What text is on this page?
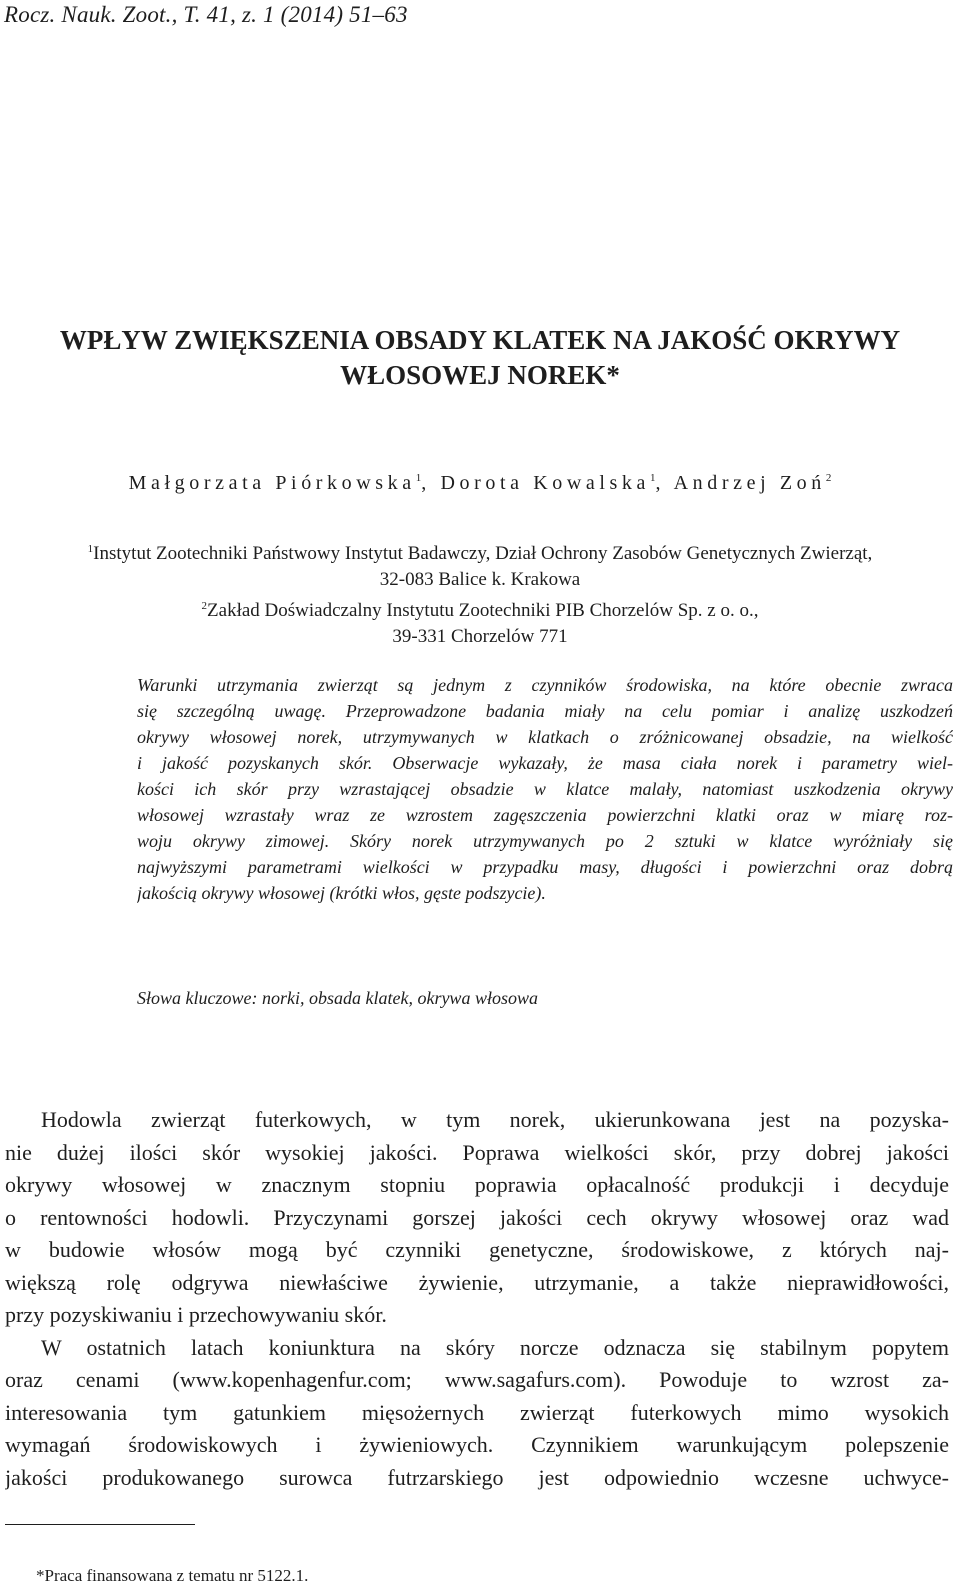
Rocz. Nauk. Zoot., T. 41, z. 1 (2014) 51–63
WPŁYW ZWIĘKSZENIA OBSADY KLATEK NA JAKOŚĆ OKRYWY
WŁOSOWEJ NOREK*
Małgorzata Piórkowska$^1$, Dorota Kowalska$^1$, Andrzej Zoń$^2$
$^1$Instytut Zootechniki Państwowy Instytut Badawczy, Dział Ochrony Zasobów Genetycznych Zwierząt,
32-083 Balice k. Krakowa
$^2$Zakład Doświadczalny Instytutu Zootechniki PIB Chorzelów Sp. z o. o.,
39-331 Chorzelów 771
Warunki utrzymania zwierząt są jednym z czynników środowiska, na które obecnie zwraca
się szczególną uwagę. Przeprowadzone badania miały na celu pomiar i analizę uszkodzeń
okrywy włosowej norek, utrzymywanych w klatkach o zróżnicowanej obsadzie, na wielkość
i jakość pozyskanych skór. Obserwacje wykazały, że masa ciała norek i parametry wiel-
kości ich skór przy wzrastającej obsadzie w klatce malały, natomiast uszkodzenia okrywy
włosowej wzrastały wraz ze wzrostem zagęszczenia powierzchni klatki oraz w miarę roz-
woju okrywy zimowej. Skóry norek utrzymywanych po 2 sztuki w klatce wyróżniały się
najwyższymi parametrami wielkości w przypadku masy, długości i powierzchni oraz dobrą
jakością okrywy włosowej (krótki włos, gęste podszycie).
Słowa kluczowe: norki, obsada klatek, okrywa włosowa
Hodowla zwierząt futerkowych, w tym norek, ukierunkowana jest na pozyska-
nie dużej ilości skór wysokiej jakości. Poprawa wielkości skór, przy dobrej jakości
okrywy włosowej w znacznym stopniu poprawia opłacalność produkcji i decyduje
o rentowności hodowli. Przyczynami gorszej jakości cech okrywy włosowej oraz wad
w budowie włosów mogą być czynniki genetyczne, środowiskowe, z których naj-
większą rolę odgrywa niewłaściwe żywienie, utrzymanie, a także nieprawidłowości,
przy pozyskiwaniu i przechowywaniu skór.
W ostatnich latach koniunktura na skóry norcze odznacza się stabilnym popytem
oraz cenami (www.kopenhagenfur.com; www.sagafurs.com). Powoduje to wzrost za-
interesowania tym gatunkiem mięsożernych zwierząt futerkowych mimo wysokich
wymagań środowiskowych i żywieniowych. Czynnikiem warunkującym polepszenie
jakości produkowanego surowca futrzarskiego jest odpowiednio wczesne uchwyce-
*Praca finansowana z tematu nr 5122.1.
